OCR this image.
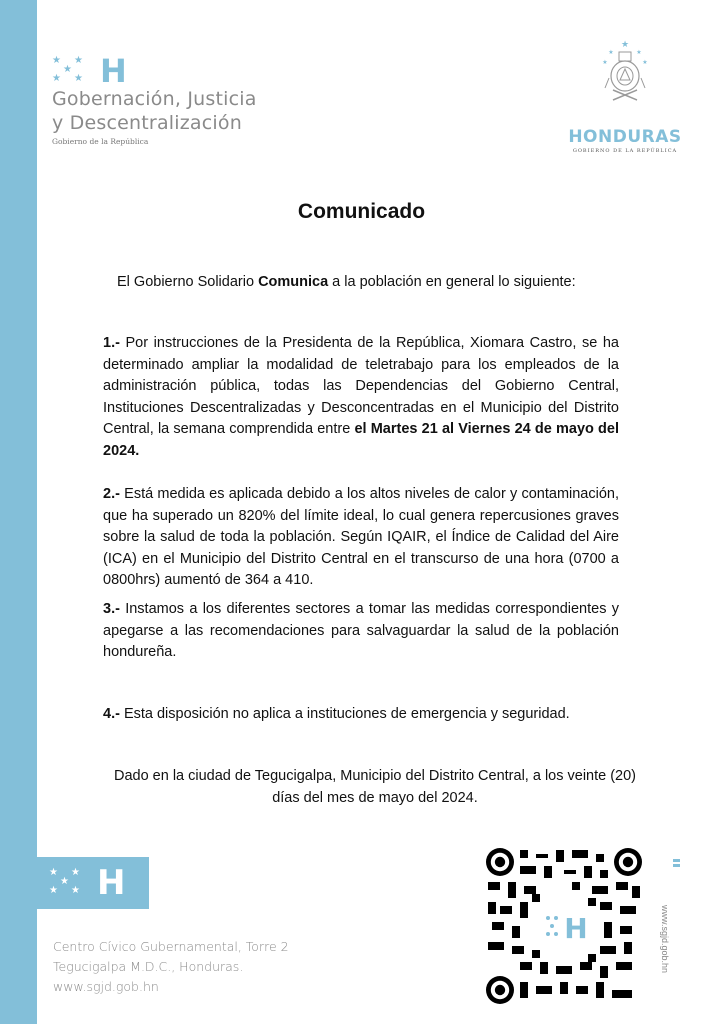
★ ★
★
★ ★ H
Gobernación, Justicia
y Descentralización
Gobierno de la República
★
★	★
★	★
HONDURAS
GOBIERNO DE LA REPÚBLICA
Comunicado
El Gobierno Solidario Comunica a la población en general lo siguiente:
1.- Por instrucciones de la Presidenta de la República, Xiomara Castro, se ha determinado ampliar la modalidad de teletrabajo para los empleados de la administración pública, todas las Dependencias del Gobierno Central, Instituciones Descentralizadas y Desconcentradas en el Municipio del Distrito Central, la semana comprendida entre el Martes 21 al Viernes 24 de mayo del 2024.
2.- Está medida es aplicada debido a los altos niveles de calor y contaminación, que ha superado un 820% del límite ideal, lo cual genera repercusiones graves sobre la salud de toda la población. Según IQAIR, el Índice de Calidad del Aire (ICA) en el Municipio del Distrito Central en el transcurso de una hora (0700 a 0800hrs) aumentó de 364 a 410.
3.- Instamos a los diferentes sectores a tomar las medidas correspondientes y apegarse a las recomendaciones para salvaguardar la salud de la población hondureña.
4.- Esta disposición no aplica a instituciones de emergencia y seguridad.
Dado en la ciudad de Tegucigalpa, Municipio del Distrito Central, a los veinte (20)
días del mes de mayo del 2024.
★ ★
★
★ ★ H
Centro Cívico Gubernamental, Torre 2
Tegucigalpa M.D.C., Honduras.
www.sgjd.gob.hn
H	www.sgjd.gob.hn
